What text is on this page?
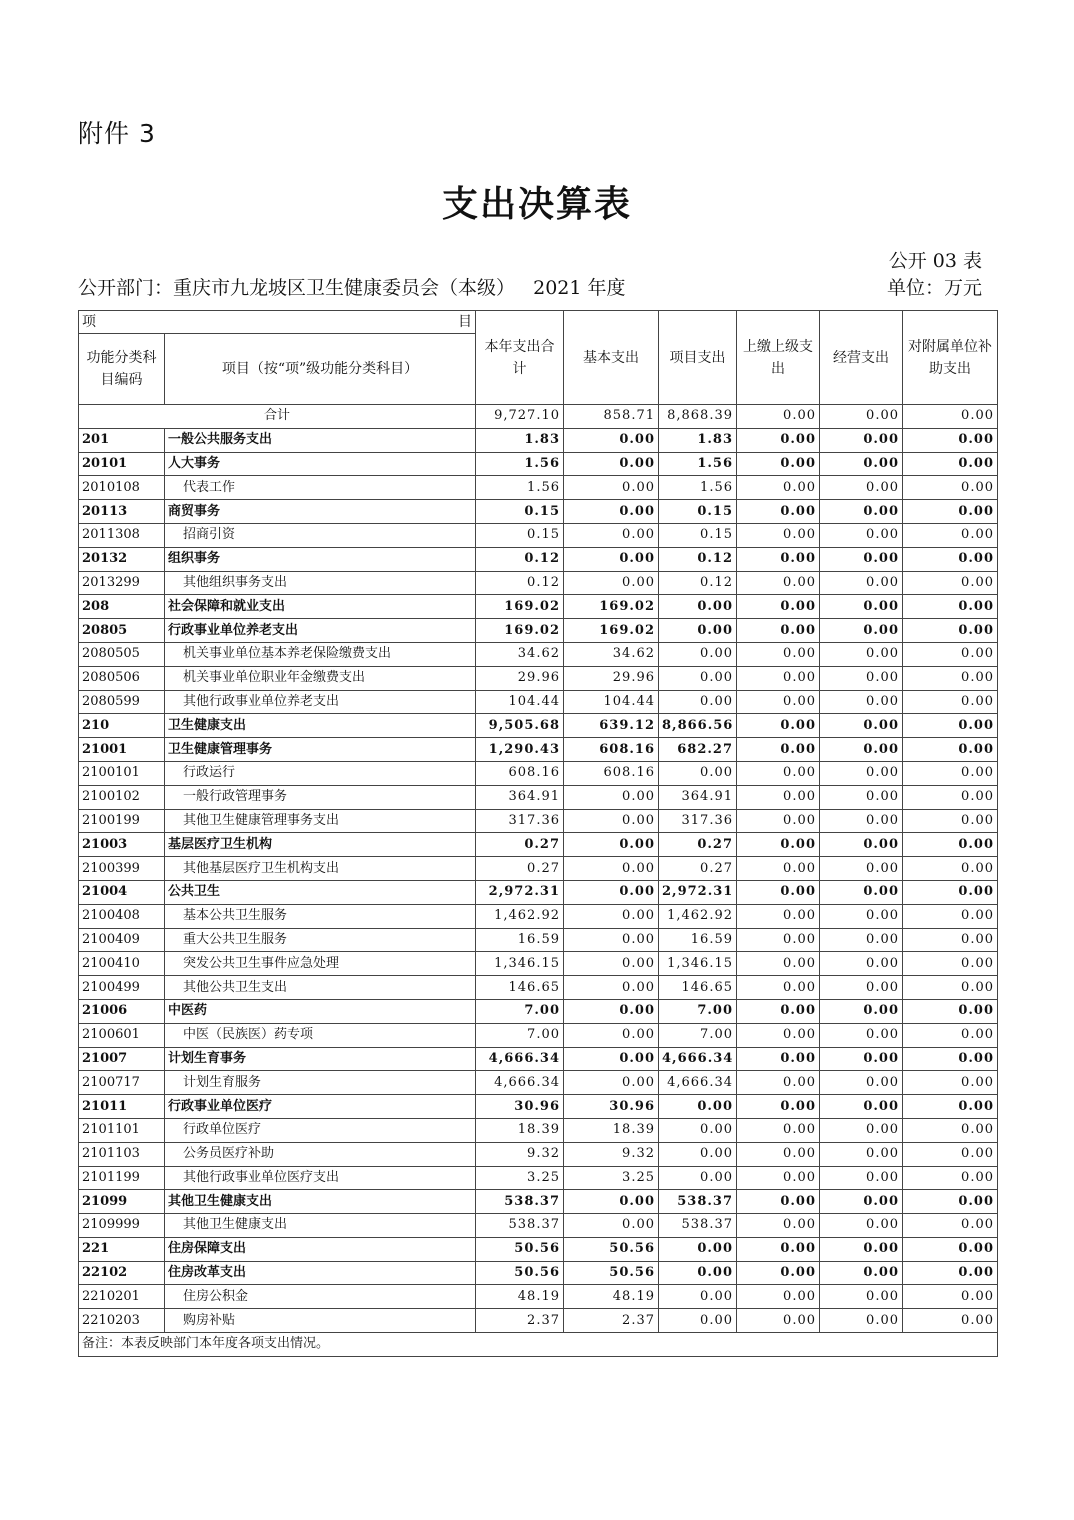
附件 3
支出决算表
公开 03 表
公开部门：重庆市九龙坡区卫生健康委员会（本级）   2021 年度	单位：万元
项 目		本年支出合计	基本支出	项目支出	上缴上级支出	经营支出	对附属单位补助支出
功能分类科目编码	项目（按“项”级功能分类科目）						
合计		9,727.10	858.71	8,868.39	0.00	0.00	0.00
201	一般公共服务支出	1.83	0.00	1.83	0.00	0.00	0.00
20101	人大事务	1.56	0.00	1.56	0.00	0.00	0.00
2010108	代表工作	1.56	0.00	1.56	0.00	0.00	0.00
20113	商贸事务	0.15	0.00	0.15	0.00	0.00	0.00
2011308	招商引资	0.15	0.00	0.15	0.00	0.00	0.00
20132	组织事务	0.12	0.00	0.12	0.00	0.00	0.00
2013299	其他组织事务支出	0.12	0.00	0.12	0.00	0.00	0.00
208	社会保障和就业支出	169.02	169.02	0.00	0.00	0.00	0.00
20805	行政事业单位养老支出	169.02	169.02	0.00	0.00	0.00	0.00
2080505	机关事业单位基本养老保险缴费支出	34.62	34.62	0.00	0.00	0.00	0.00
2080506	机关事业单位职业年金缴费支出	29.96	29.96	0.00	0.00	0.00	0.00
2080599	其他行政事业单位养老支出	104.44	104.44	0.00	0.00	0.00	0.00
210	卫生健康支出	9,505.68	639.12	8,866.56	0.00	0.00	0.00
21001	卫生健康管理事务	1,290.43	608.16	682.27	0.00	0.00	0.00
2100101	行政运行	608.16	608.16	0.00	0.00	0.00	0.00
2100102	一般行政管理事务	364.91	0.00	364.91	0.00	0.00	0.00
2100199	其他卫生健康管理事务支出	317.36	0.00	317.36	0.00	0.00	0.00
21003	基层医疗卫生机构	0.27	0.00	0.27	0.00	0.00	0.00
2100399	其他基层医疗卫生机构支出	0.27	0.00	0.27	0.00	0.00	0.00
21004	公共卫生	2,972.31	0.00	2,972.31	0.00	0.00	0.00
2100408	基本公共卫生服务	1,462.92	0.00	1,462.92	0.00	0.00	0.00
2100409	重大公共卫生服务	16.59	0.00	16.59	0.00	0.00	0.00
2100410	突发公共卫生事件应急处理	1,346.15	0.00	1,346.15	0.00	0.00	0.00
2100499	其他公共卫生支出	146.65	0.00	146.65	0.00	0.00	0.00
21006	中医药	7.00	0.00	7.00	0.00	0.00	0.00
2100601	中医（民族医）药专项	7.00	0.00	7.00	0.00	0.00	0.00
21007	计划生育事务	4,666.34	0.00	4,666.34	0.00	0.00	0.00
2100717	计划生育服务	4,666.34	0.00	4,666.34	0.00	0.00	0.00
21011	行政事业单位医疗	30.96	30.96	0.00	0.00	0.00	0.00
2101101	行政单位医疗	18.39	18.39	0.00	0.00	0.00	0.00
2101103	公务员医疗补助	9.32	9.32	0.00	0.00	0.00	0.00
2101199	其他行政事业单位医疗支出	3.25	3.25	0.00	0.00	0.00	0.00
21099	其他卫生健康支出	538.37	0.00	538.37	0.00	0.00	0.00
2109999	其他卫生健康支出	538.37	0.00	538.37	0.00	0.00	0.00
221	住房保障支出	50.56	50.56	0.00	0.00	0.00	0.00
22102	住房改革支出	50.56	50.56	0.00	0.00	0.00	0.00
2210201	住房公积金	48.19	48.19	0.00	0.00	0.00	0.00
2210203	购房补贴	2.37	2.37	0.00	0.00	0.00	0.00
备注：本表反映部门本年度各项支出情况。							
